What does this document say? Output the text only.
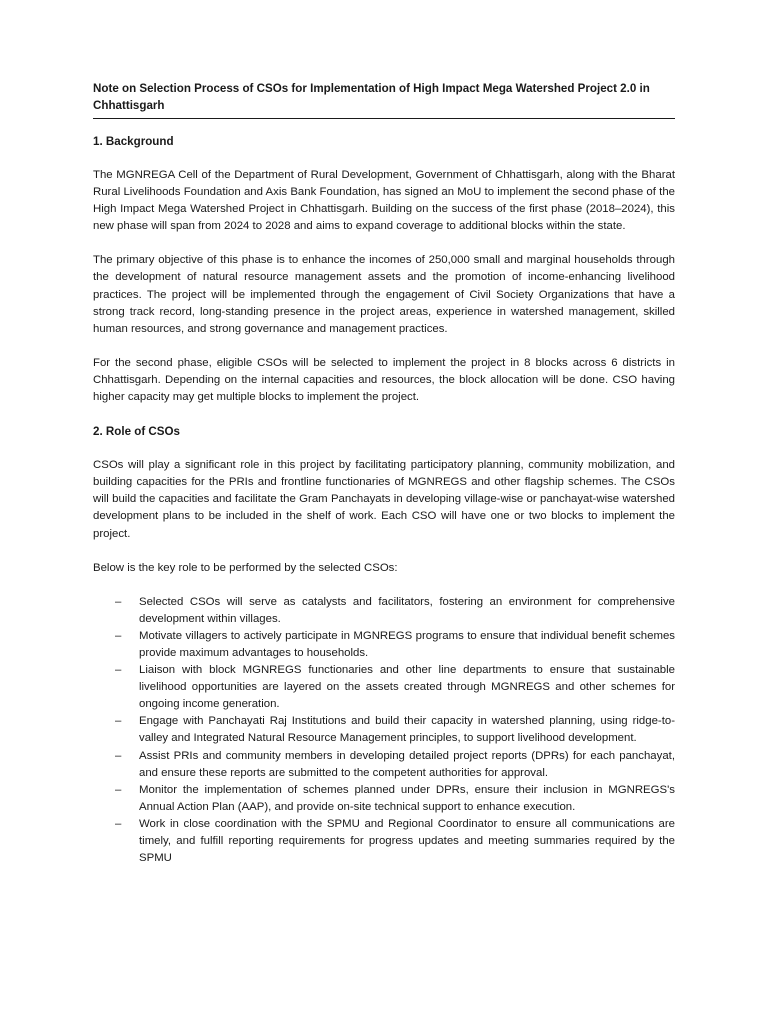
Note on Selection Process of CSOs for Implementation of High Impact Mega Watershed Project 2.0 in Chhattisgarh
1. Background

The MGNREGA Cell of the Department of Rural Development, Government of Chhattisgarh, along with the Bharat Rural Livelihoods Foundation and Axis Bank Foundation, has signed an MoU to implement the second phase of the High Impact Mega Watershed Project in Chhattisgarh. Building on the success of the first phase (2018–2024), this new phase will span from 2024 to 2028 and aims to expand coverage to additional blocks within the state.

The primary objective of this phase is to enhance the incomes of 250,000 small and marginal households through the development of natural resource management assets and the promotion of income-enhancing livelihood practices. The project will be implemented through the engagement of Civil Society Organizations that have a strong track record, long-standing presence in the project areas, experience in watershed management, skilled human resources, and strong governance and management practices.

For the second phase, eligible CSOs will be selected to implement the project in 8 blocks across 6 districts in Chhattisgarh. Depending on the internal capacities and resources, the block allocation will be done. CSO having higher capacity may get multiple blocks to implement the project.

2. Role of CSOs

CSOs will play a significant role in this project by facilitating participatory planning, community mobilization, and building capacities for the PRIs and frontline functionaries of MGNREGS and other flagship schemes. The CSOs will build the capacities and facilitate the Gram Panchayats in developing village-wise or panchayat-wise watershed development plans to be included in the shelf of work. Each CSO will have one or two blocks to implement the project.

Below is the key role to be performed by the selected CSOs:

– Selected CSOs will serve as catalysts and facilitators, fostering an environment for comprehensive development within villages.
– Motivate villagers to actively participate in MGNREGS programs to ensure that individual benefit schemes provide maximum advantages to households.
– Liaison with block MGNREGS functionaries and other line departments to ensure that sustainable livelihood opportunities are layered on the assets created through MGNREGS and other schemes for ongoing income generation.
– Engage with Panchayati Raj Institutions and build their capacity in watershed planning, using ridge-to-valley and Integrated Natural Resource Management principles, to support livelihood development.
– Assist PRIs and community members in developing detailed project reports (DPRs) for each panchayat, and ensure these reports are submitted to the competent authorities for approval.
– Monitor the implementation of schemes planned under DPRs, ensure their inclusion in MGNREGS's Annual Action Plan (AAP), and provide on-site technical support to enhance execution.
– Work in close coordination with the SPMU and Regional Coordinator to ensure all communications are timely, and fulfill reporting requirements for progress updates and meeting summaries required by the SPMU
